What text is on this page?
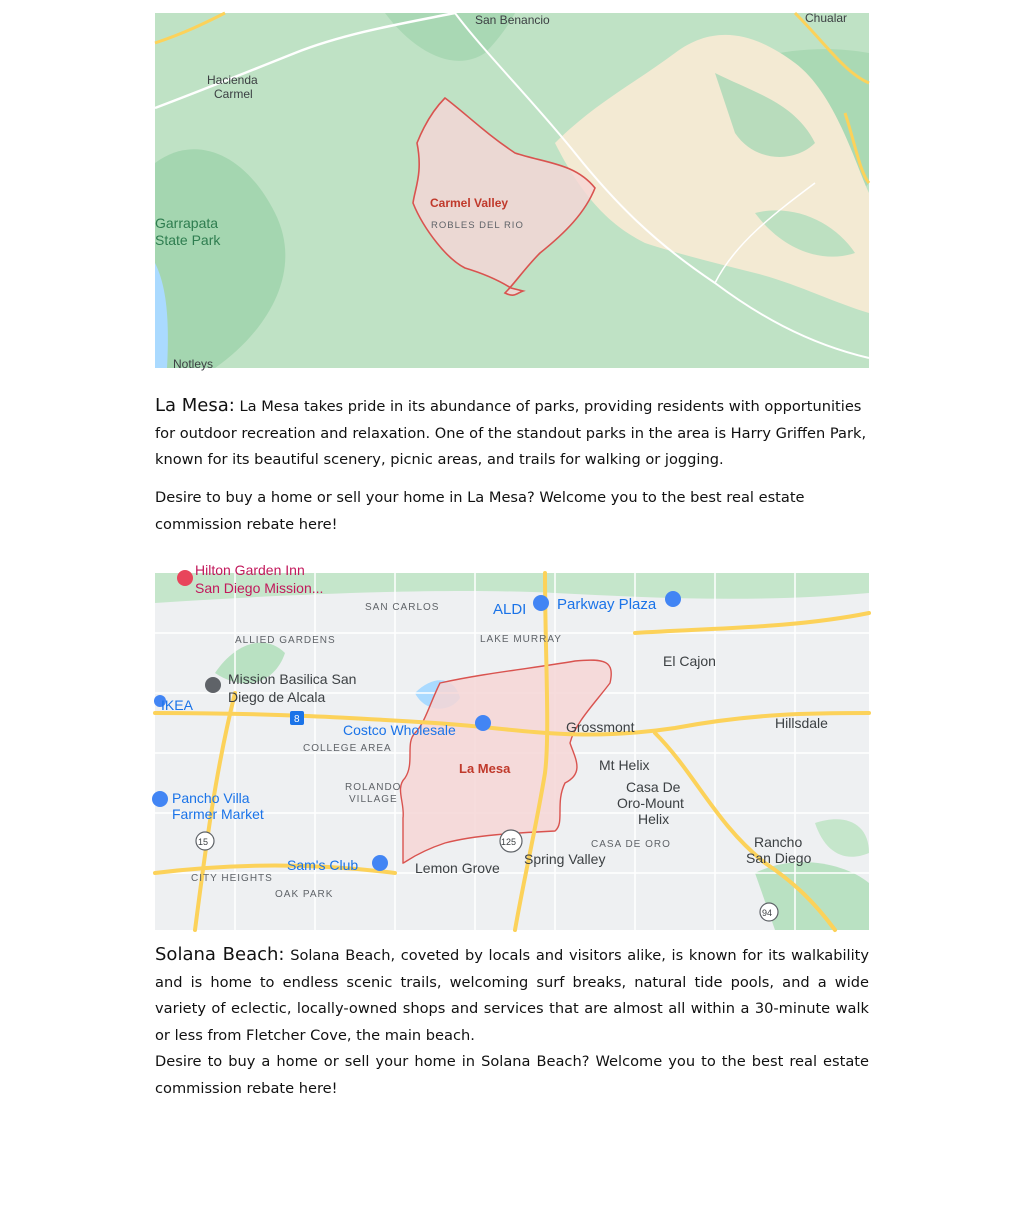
Carmel Valley
ROBLES DEL RIO
San Benancio	Chualar
Hacienda
Carmel
Garrapata
State Park
Notleys

La Mesa: La Mesa takes pride in its abundance of parks, providing residents with opportunities for outdoor recreation and relaxation. One of the standout parks in the area is Harry Griffen Park, known for its beautiful scenery, picnic areas, and trails for walking or jogging.

Desire to buy a home or sell your home in La Mesa? Welcome you to the best real estate commission rebate here!

La Mesa
Hilton Garden Inn
San Diego Mission...
SAN CARLOS	ALDI Parkway Plaza
ALLIED GARDENS	LAKE MURRAY
El Cajon
Mission Basilica San
Diego de Alcala
IKEA
Costco Wholesale	Grossmont	Hillsdale
COLLEGE AREA
Mt Helix
ROLANDO
VILLAGE
Casa De
Oro-Mount
Helix
Pancho Villa
Farmer Market
Rancho
San Diego
CASA DE ORO
Sam's Club	Spring Valley
Lemon Grove
CITY HEIGHTS
OAK PARK
8
15	125
94

Solana Beach: Solana Beach, coveted by locals and visitors alike, is known for its walkability and is home to endless scenic trails, welcoming surf breaks, natural tide pools, and a wide variety of eclectic, locally-owned shops and services that are almost all within a 30-minute walk or less from Fletcher Cove, the main beach.

Desire to buy a home or sell your home in Solana Beach? Welcome you to the best real estate commission rebate here!
